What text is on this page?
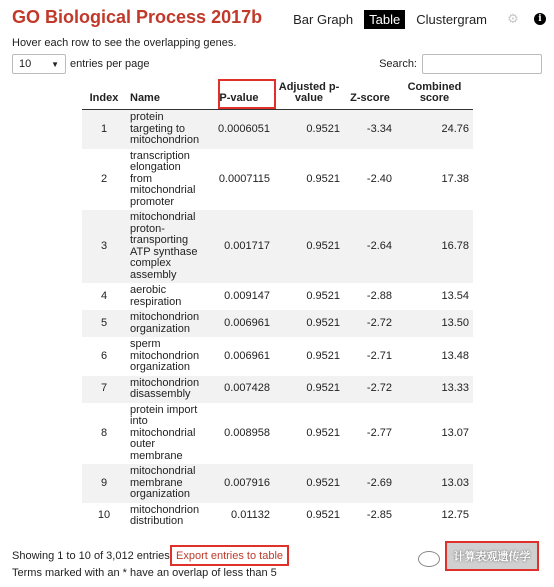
GO Biological Process 2017b	Bar Graph	Table	Clustergram	⚙	i
Hover each row to see the overlapping genes.
10 ▼ entries per page	Search:
Index	Name	P-value	Adjusted p-value	Z-score	Combined score
1	protein targeting to mitochondrion	0.0006051	0.9521	-3.34	24.76
2	transcription elongation from mitochondrial promoter	0.0007115	0.9521	-2.40	17.38
3	mitochondrial proton-transporting ATP synthase complex assembly	0.001717	0.9521	-2.64	16.78
4	aerobic respiration	0.009147	0.9521	-2.88	13.54
5	mitochondrion organization	0.006961	0.9521	-2.72	13.50
6	sperm mitochondrion organization	0.006961	0.9521	-2.71	13.48
7	mitochondrion disassembly	0.007428	0.9521	-2.72	13.33
8	protein import into mitochondrial outer membrane	0.008958	0.9521	-2.77	13.07
9	mitochondrial membrane organization	0.007916	0.9521	-2.69	13.03
10	mitochondrion distribution	0.01132	0.9521	-2.85	12.75
Showing 1 to 10 of 3,012 entries Export entries to table
Terms marked with an * have an overlap of less than 5
计算表观遗传学
